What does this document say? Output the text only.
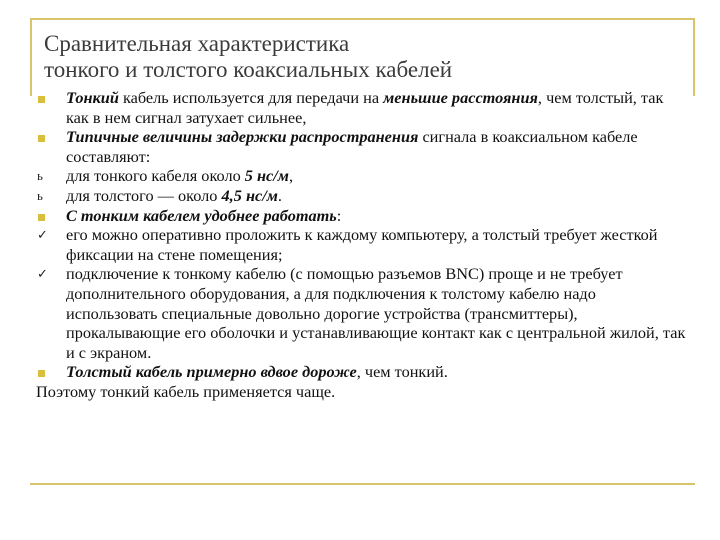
Сравнительная характеристика
тонкого и толстого коаксиальных кабелей
Тонкий кабель используется для передачи на меньшие расстояния, чем толстый, так как в нем сигнал затухает сильнее,
Типичные величины задержки распространения сигнала в коаксиальном кабеле составляют:
ь для тонкого кабеля около 5 нс/м,
ь для толстого — около 4,5 нс/м.
С тонким кабелем удобнее работать:
✓ его можно оперативно проложить к каждому компьютеру, а толстый требует жесткой фиксации на стене помещения;
✓ подключение к тонкому кабелю (с помощью разъемов BNC) проще и не требует дополнительного оборудования, а для подключения к толстому кабелю надо использовать специальные довольно дорогие устройства (трансмиттеры), прокалывающие его оболочки и устанавливающие контакт как с центральной жилой, так и с экраном.
Толстый кабель примерно вдвое дороже, чем тонкий.
Поэтому тонкий кабель применяется чаще.
